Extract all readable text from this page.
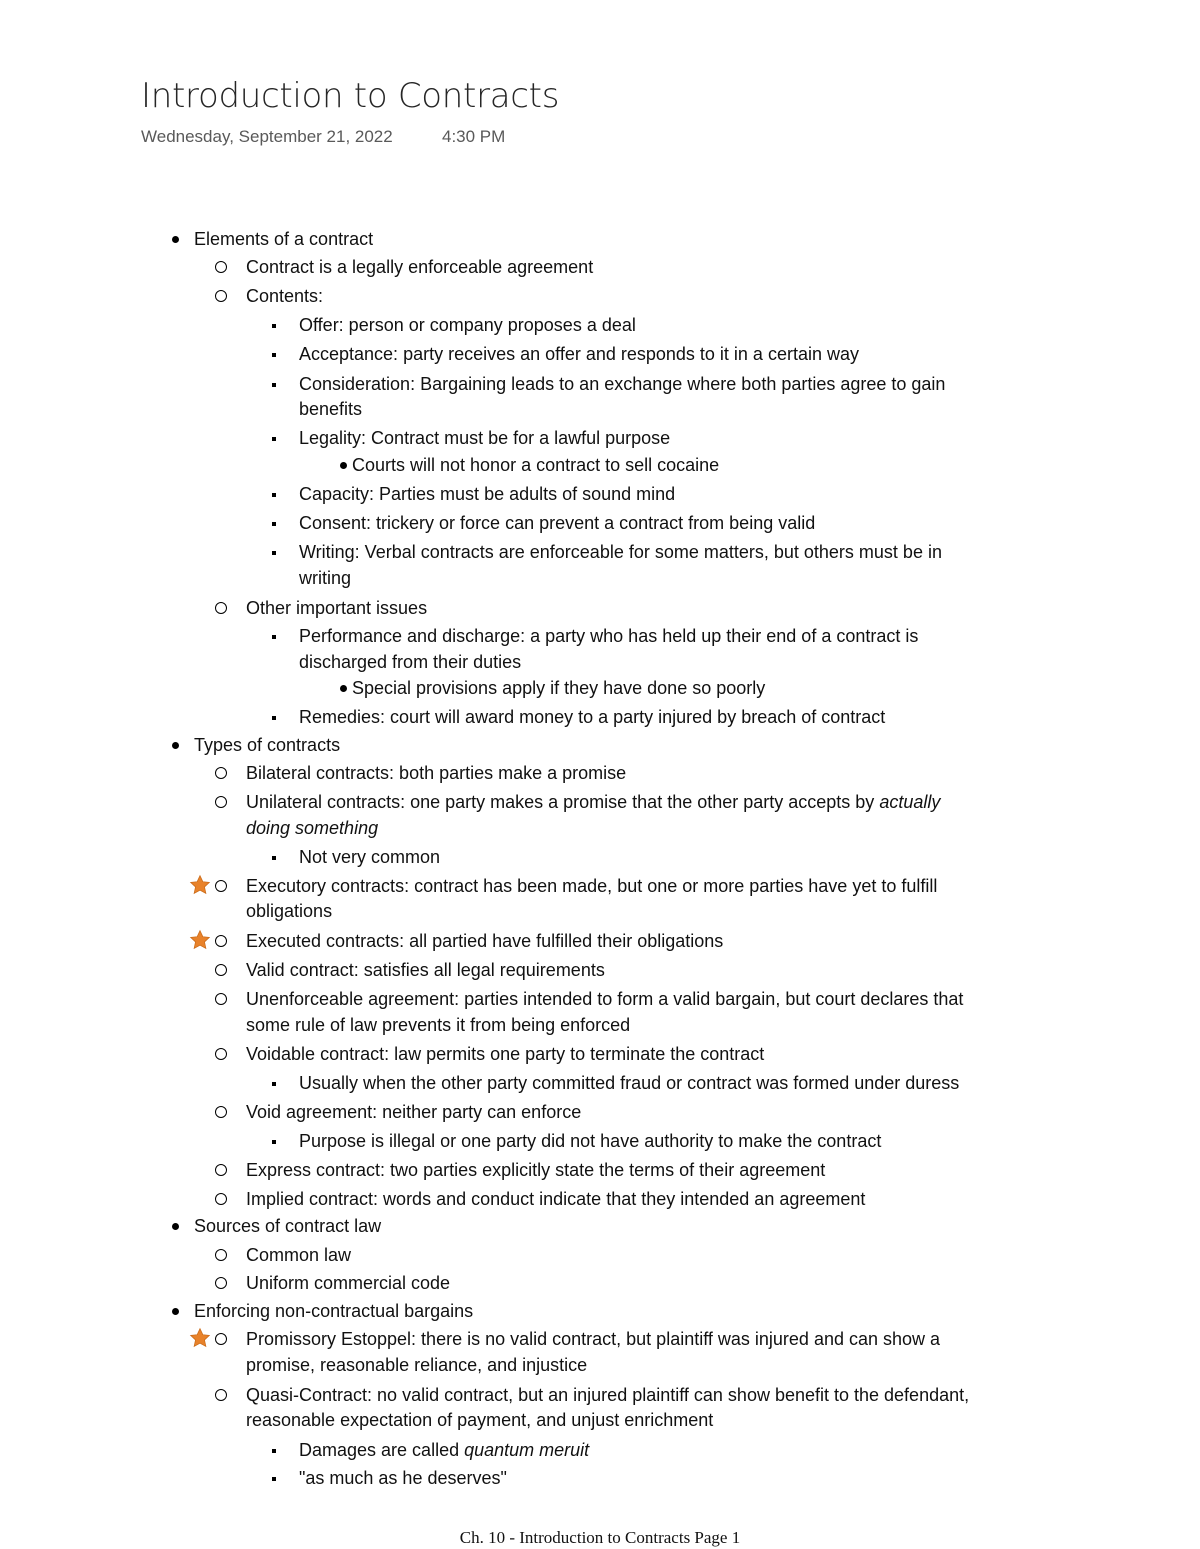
Introduction to Contracts
Wednesday, September 21, 2022	4:30 PM
Elements of a contract
Contract is a legally enforceable agreement
Contents:
Offer: person or company proposes a deal
Acceptance: party receives an offer and responds to it in a certain way
Consideration: Bargaining leads to an exchange where both parties agree to gain
benefits
Legality: Contract must be for a lawful purpose
Courts will not honor a contract to sell cocaine
Capacity: Parties must be adults of sound mind
Consent: trickery or force can prevent a contract from being valid
Writing: Verbal contracts are enforceable for some matters, but others must be in
writing
Other important issues
Performance and discharge: a party who has held up their end of a contract is
discharged from their duties
Special provisions apply if they have done so poorly
Remedies: court will award money to a party injured by breach of contract
Types of contracts
Bilateral contracts: both parties make a promise
Unilateral contracts: one party makes a promise that the other party accepts by actually
doing something
Not very common
Executory contracts: contract has been made, but one or more parties have yet to fulfill
obligations
Executed contracts: all partied have fulfilled their obligations
Valid contract: satisfies all legal requirements
Unenforceable agreement: parties intended to form a valid bargain, but court declares that
some rule of law prevents it from being enforced
Voidable contract: law permits one party to terminate the contract
Usually when the other party committed fraud or contract was formed under duress
Void agreement: neither party can enforce
Purpose is illegal or one party did not have authority to make the contract
Express contract: two parties explicitly state the terms of their agreement
Implied contract: words and conduct indicate that they intended an agreement
Sources of contract law
Common law
Uniform commercial code
Enforcing non-contractual bargains
Promissory Estoppel: there is no valid contract, but plaintiff was injured and can show a
promise, reasonable reliance, and injustice
Quasi-Contract: no valid contract, but an injured plaintiff can show benefit to the defendant,
reasonable expectation of payment, and unjust enrichment
Damages are called quantum meruit
"as much as he deserves"
Ch. 10 - Introduction to Contracts Page 1
